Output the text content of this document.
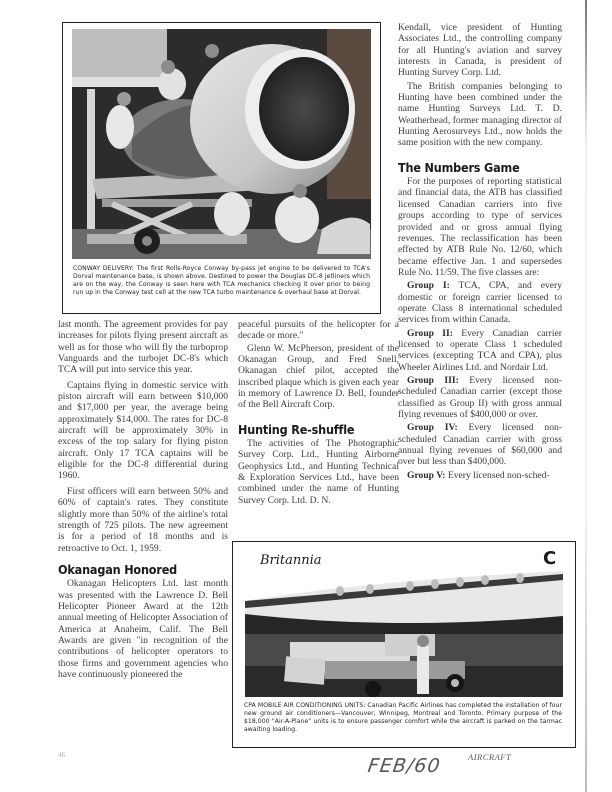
CONWAY DELIVERY: The first Rolls-Royce Conway by-pass jet engine to be delivered to TCA's Dorval maintenance base, is shown above. Destined to power the Douglas DC-8 jetliners which are on the way, the Conway is seen here with TCA mechanics checking it over prior to being run up in the Conway test cell at the new TCA turbo maintenance & overhaul base at Dorval.

last month. The agreement provides for pay increases for pilots flying present aircraft as well as for those who will fly the turboprop Vanguards and the turbojet DC-8's which TCA will put into service this year.

Captains flying in domestic service with piston aircraft will earn between $10,000 and $17,000 per year, the average being approximately $14,000. The rates for DC-8 aircraft will be approximately 30% in excess of the top salary for flying piston aircraft. Only 17 TCA captains will be eligible for the DC-8 differential during 1960.

First officers will earn between 50% and 60% of captain's rates. They constitute slightly more than 50% of the airline's total strength of 725 pilots. The new agreement is for a period of 18 months and is retroactive to Oct. 1, 1959.

Okanagan Honored

Okanagan Helicopters Ltd. last month was presented with the Lawrence D. Bell Helicopter Pioneer Award at the 12th annual meeting of Helicopter Association of America at Anaheim, Calif. The Bell Awards are given "in recognition of the contributions of helicopter operators to those firms and government agencies who have continuously pioneered the

peaceful pursuits of the helicopter for a decade or more."

Glenn W. McPherson, president of the Okanagan Group, and Fred Snell, Okanagan chief pilot, accepted the inscribed plaque which is given each year in memory of Lawrence D. Bell, founder of the Bell Aircraft Corp.

Hunting Re-shuffle

The activities of The Photographic Survey Corp. Ltd., Hunting Airborne Geophysics Ltd., and Hunting Technical & Exploration Services Ltd., have been combined under the name of Hunting Survey Corp. Ltd. D. N.

Kendall, vice president of Hunting Associates Ltd., the controlling company for all Hunting's aviation and survey interests in Canada, is president of Hunting Survey Corp. Ltd.

The British companies belonging to Hunting have been combined under the name Hunting Surveys Ltd. T. D. Weatherhead, former managing director of Hunting Aerosurveys Ltd., now holds the same position with the new company.

The Numbers Game

For the purposes of reporting statistical and financial data, the ATB has classified licensed Canadian carriers into five groups according to type of services provided and or gross annual flying revenues. The reclassification has been effected by ATB Rule No. 12/60, which became effective Jan. 1 and supersedes Rule No. 11/59. The five classes are:

Group I: TCA, CPA, and every domestic or foreign carrier licensed to operate Class 8 international scheduled services from within Canada.

Group II: Every Canadian carrier licensed to operate Class 1 scheduled services (excepting TCA and CPA), plus Wheeler Airlines Ltd. and Nordair Ltd.

Group III: Every licensed non-scheduled Canadian carrier (except those classified as Group II) with gross annual flying revenues of $400,000 or over.

Group IV: Every licensed non-scheduled Canadian carrier with gross annual flying revenues of $60,000 and over but less than $400,000.

Group V: Every licensed non-sched-

Britannia	C
CPA MOBILE AIR CONDITIONING UNITS: Canadian Pacific Airlines has completed the installation of four new ground air conditioners—Vancouver, Winnipeg, Montreal and Toronto. Primary purpose of the $18,000 "Air-A-Plane" units is to ensure passenger comfort while the aircraft is parked on the tarmac awaiting loading.
46	FEB/60	AIRCRAFT
